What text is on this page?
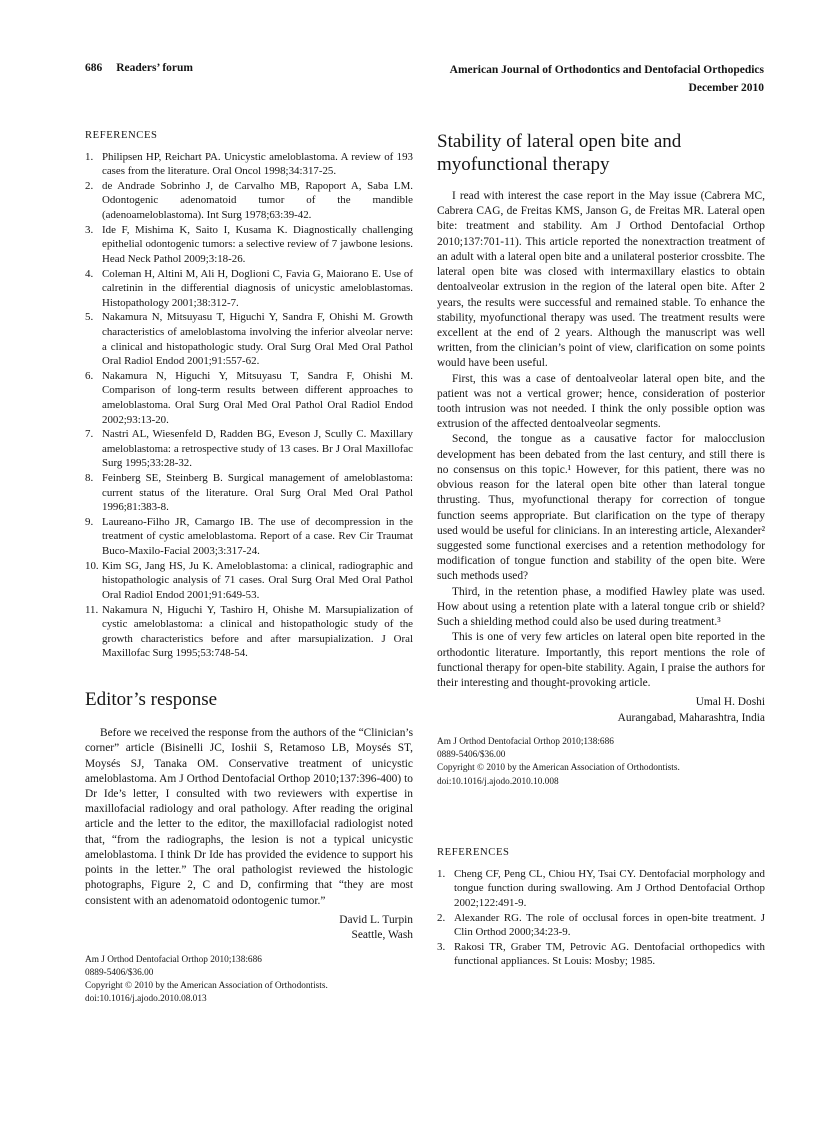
686 Readers’ forum	American Journal of Orthodontics and Dentofacial Orthopedics
December 2010
REFERENCES
1. Philipsen HP, Reichart PA. Unicystic ameloblastoma. A review of 193 cases from the literature. Oral Oncol 1998;34:317-25.
2. de Andrade Sobrinho J, de Carvalho MB, Rapoport A, Saba LM. Odontogenic adenomatoid tumor of the mandible (adenoameloblastoma). Int Surg 1978;63:39-42.
3. Ide F, Mishima K, Saito I, Kusama K. Diagnostically challenging epithelial odontogenic tumors: a selective review of 7 jawbone lesions. Head Neck Pathol 2009;3:18-26.
4. Coleman H, Altini M, Ali H, Doglioni C, Favia G, Maiorano E. Use of calretinin in the differential diagnosis of unicystic ameloblastomas. Histopathology 2001;38:312-7.
5. Nakamura N, Mitsuyasu T, Higuchi Y, Sandra F, Ohishi M. Growth characteristics of ameloblastoma involving the inferior alveolar nerve: a clinical and histopathologic study. Oral Surg Oral Med Oral Pathol Oral Radiol Endod 2001;91:557-62.
6. Nakamura N, Higuchi Y, Mitsuyasu T, Sandra F, Ohishi M. Comparison of long-term results between different approaches to ameloblastoma. Oral Surg Oral Med Oral Pathol Oral Radiol Endod 2002;93:13-20.
7. Nastri AL, Wiesenfeld D, Radden BG, Eveson J, Scully C. Maxillary ameloblastoma: a retrospective study of 13 cases. Br J Oral Maxillofac Surg 1995;33:28-32.
8. Feinberg SE, Steinberg B. Surgical management of ameloblastoma: current status of the literature. Oral Surg Oral Med Oral Pathol 1996;81:383-8.
9. Laureano-Filho JR, Camargo IB. The use of decompression in the treatment of cystic ameloblastoma. Report of a case. Rev Cir Traumat Buco-Maxilo-Facial 2003;3:317-24.
10. Kim SG, Jang HS, Ju K. Ameloblastoma: a clinical, radiographic and histopathologic analysis of 71 cases. Oral Surg Oral Med Oral Pathol Oral Radiol Endod 2001;91:649-53.
11. Nakamura N, Higuchi Y, Tashiro H, Ohishe M. Marsupialization of cystic ameloblastoma: a clinical and histopathologic study of the growth characteristics before and after marsupialization. J Oral Maxillofac Surg 1995;53:748-54.
Editor’s response

Before we received the response from the authors of the “Clinician’s corner” article (Bisinelli JC, Ioshii S, Retamoso LB, Moysés ST, Moysés SJ, Tanaka OM. Conservative treatment of unicystic ameloblastoma. Am J Orthod Dentofacial Orthop 2010;137:396-400) to Dr Ide’s letter, I consulted with two reviewers with expertise in maxillofacial radiology and oral pathology. After reading the original article and the letter to the editor, the maxillofacial radiologist noted that, “from the radiographs, the lesion is not a typical unicystic ameloblastoma. I think Dr Ide has provided the evidence to support his points in the letter.” The oral pathologist reviewed the histologic photographs, Figure 2, C and D, confirming that “they are most consistent with an adenomatoid odontogenic tumor.”

David L. Turpin
Seattle, Wash
Am J Orthod Dentofacial Orthop 2010;138:686
0889-5406/$36.00
Copyright © 2010 by the American Association of Orthodontists.
doi:10.1016/j.ajodo.2010.08.013
Stability of lateral open bite and myofunctional therapy

I read with interest the case report in the May issue (Cabrera MC, Cabrera CAG, de Freitas KMS, Janson G, de Freitas MR. Lateral open bite: treatment and stability. Am J Orthod Dentofacial Orthop 2010;137:701-11). This article reported the nonextraction treatment of an adult with a lateral open bite and a unilateral posterior crossbite. The lateral open bite was closed with intermaxillary elastics to obtain dentoalveolar extrusion in the region of the lateral open bite. After 2 years, the results were successful and remained stable. To enhance the stability, myofunctional therapy was used. The treatment results were excellent at the end of 2 years. Although the manuscript was well written, from the clinician’s point of view, clarification on some points would have been useful.

First, this was a case of dentoalveolar lateral open bite, and the patient was not a vertical grower; hence, consideration of posterior tooth intrusion was not needed. I think the only possible option was extrusion of the affected dentoalveolar segments.

Second, the tongue as a causative factor for malocclusion development has been debated from the last century, and still there is no consensus on this topic.¹ However, for this patient, there was no obvious reason for the lateral open bite other than lateral tongue thrusting. Thus, myofunctional therapy for correction of tongue function seems appropriate. But clarification on the type of therapy used would be useful for clinicians. In an interesting article, Alexander² suggested some functional exercises and a retention methodology for modification of tongue function and stability of the open bite. Were such methods used?

Third, in the retention phase, a modified Hawley plate was used. How about using a retention plate with a lateral tongue crib or shield? Such a shielding method could also be used during treatment.³

This is one of very few articles on lateral open bite reported in the orthodontic literature. Importantly, this report mentions the role of functional therapy for open-bite stability. Again, I praise the authors for their interesting and thought-provoking article.

Umal H. Doshi
Aurangabad, Maharashtra, India
Am J Orthod Dentofacial Orthop 2010;138:686
0889-5406/$36.00
Copyright © 2010 by the American Association of Orthodontists.
doi:10.1016/j.ajodo.2010.10.008
REFERENCES
1. Cheng CF, Peng CL, Chiou HY, Tsai CY. Dentofacial morphology and tongue function during swallowing. Am J Orthod Dentofacial Orthop 2002;122:491-9.
2. Alexander RG. The role of occlusal forces in open-bite treatment. J Clin Orthod 2000;34:23-9.
3. Rakosi TR, Graber TM, Petrovic AG. Dentofacial orthopedics with functional appliances. St Louis: Mosby; 1985.
